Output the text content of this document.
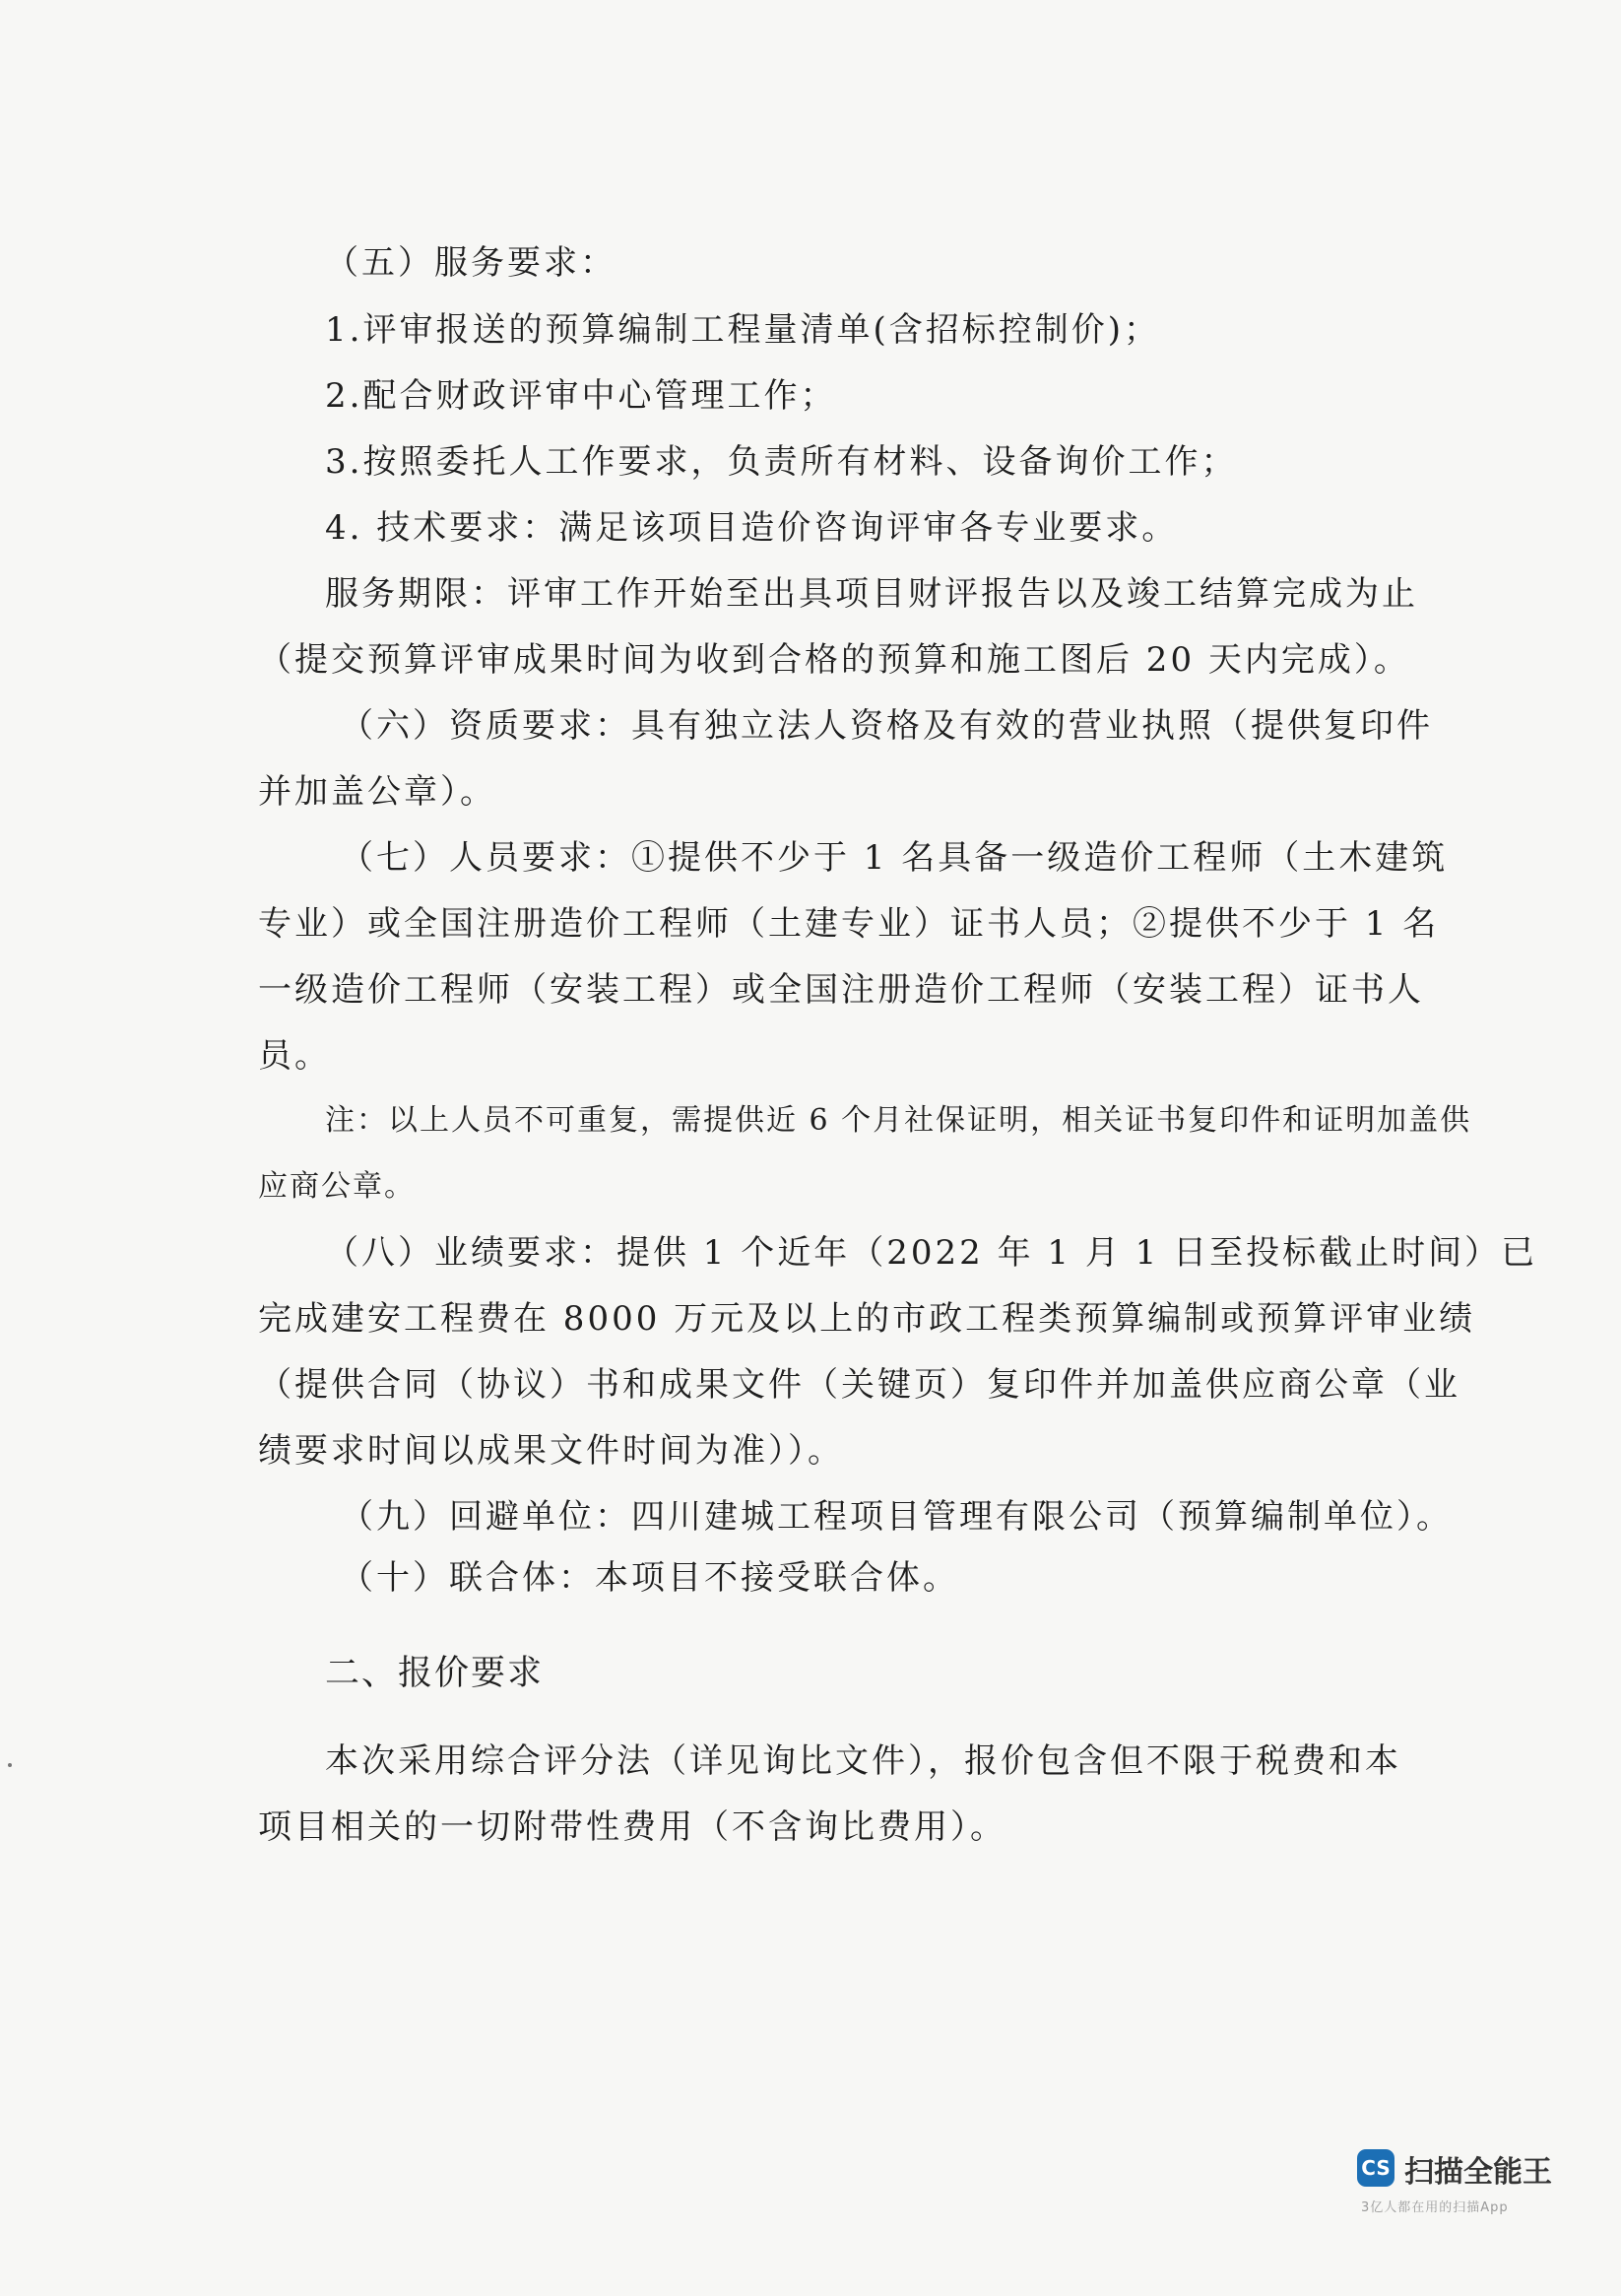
（五）服务要求：
1.评审报送的预算编制工程量清单(含招标控制价)；
2.配合财政评审中心管理工作；
3.按照委托人工作要求，负责所有材料、设备询价工作；
4. 技术要求：满足该项目造价咨询评审各专业要求。
服务期限：评审工作开始至出具项目财评报告以及竣工结算完成为止
（提交预算评审成果时间为收到合格的预算和施工图后 20 天内完成）。
（六）资质要求：具有独立法人资格及有效的营业执照（提供复印件
并加盖公章）。
（七）人员要求：①提供不少于 1 名具备一级造价工程师（土木建筑
专业）或全国注册造价工程师（土建专业）证书人员；②提供不少于 1 名
一级造价工程师（安装工程）或全国注册造价工程师（安装工程）证书人
员。
注：以上人员不可重复，需提供近 6 个月社保证明，相关证书复印件和证明加盖供
应商公章。
（八）业绩要求：提供 1 个近年（2022 年 1 月 1 日至投标截止时间）已
完成建安工程费在 8000 万元及以上的市政工程类预算编制或预算评审业绩
（提供合同（协议）书和成果文件（关键页）复印件并加盖供应商公章（业
绩要求时间以成果文件时间为准））。
（九）回避单位：四川建城工程项目管理有限公司（预算编制单位）。
（十）联合体：本项目不接受联合体。
二、报价要求
本次采用综合评分法（详见询比文件），报价包含但不限于税费和本
项目相关的一切附带性费用（不含询比费用）。
CS 扫描全能王
3亿人都在用的扫描App
